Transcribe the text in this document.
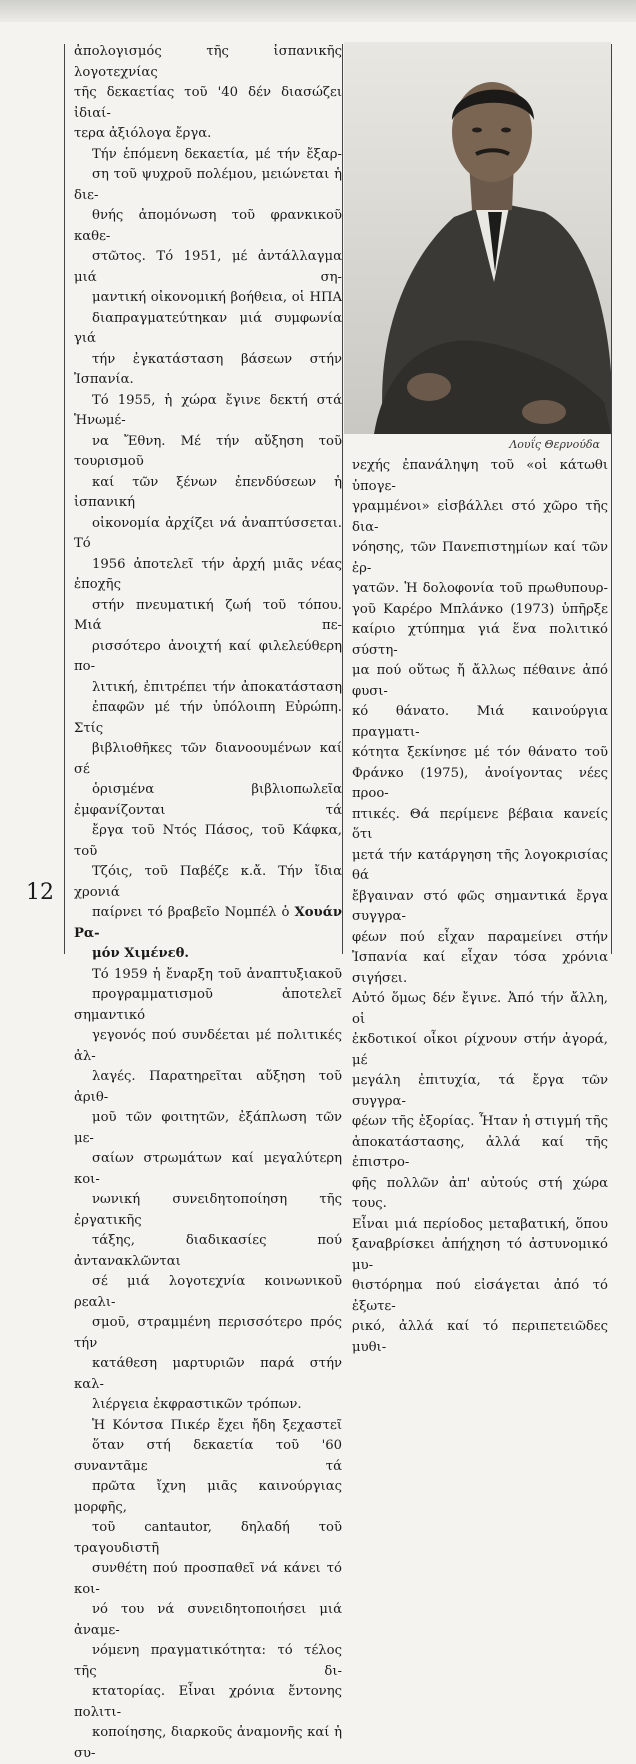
12

ἀπολογισμός τῆς ἰσπανικῆς λογοτεχνίας
τῆς δεκαετίας τοῦ '40 δέν διασώζει ἰδιαί-
τερα ἀξιόλογα ἔργα.

Τήν ἑπόμενη δεκαετία, μέ τήν ἔξαρ-
ση τοῦ ψυχροῦ πολέμου, μειώνεται ἡ διε-
θνής ἀπομόνωση τοῦ φρανκικοῦ καθε-
στῶτος. Τό 1951, μέ ἀντάλλαγμα μιά ση-
μαντική οἰκονομική βοήθεια, οἱ ΗΠΑ
διαπραγματεύτηκαν μιά συμφωνία γιά
τήν ἐγκατάσταση βάσεων στήν Ἰσπανία.
Τό 1955, ἡ χώρα ἔγινε δεκτή στά Ἡνωμέ-
να Ἔθνη. Μέ τήν αὔξηση τοῦ τουρισμοῦ
καί τῶν ξένων ἐπενδύσεων ἡ ἰσπανική
οἰκονομία ἀρχίζει νά ἀναπτύσσεται. Τό
1956 ἀποτελεῖ τήν ἀρχή μιᾶς νέας ἐποχῆς
στήν πνευματική ζωή τοῦ τόπου. Μιά πε-
ρισσότερο ἀνοιχτή καί φιλελεύθερη πο-
λιτική, ἐπιτρέπει τήν ἀποκατάσταση
ἐπαφῶν μέ τήν ὑπόλοιπη Εὐρώπη. Στίς
βιβλιοθῆκες τῶν διανοουμένων καί σέ
ὁρισμένα βιβλιοπωλεῖα ἐμφανίζονται τά
ἔργα τοῦ Ντός Πάσος, τοῦ Κάφκα, τοῦ
Τζόις, τοῦ Παβέζε κ.ἄ. Τήν ἴδια χρονιά
παίρνει τό βραβεῖο Νομπέλ ὁ Χουάν Ρα-
μόν Χιμένεθ.

Τό 1959 ἡ ἔναρξη τοῦ ἀναπτυξιακοῦ
προγραμματισμοῦ ἀποτελεῖ σημαντικό
γεγονός πού συνδέεται μέ πολιτικές ἀλ-
λαγές. Παρατηρεῖται αὔξηση τοῦ ἀριθ-
μοῦ τῶν φοιτητῶν, ἐξάπλωση τῶν με-
σαίων στρωμάτων καί μεγαλύτερη κοι-
νωνική συνειδητοποίηση τῆς ἐργατικῆς
τάξης, διαδικασίες πού ἀντανακλῶνται
σέ μιά λογοτεχνία κοινωνικοῦ ρεαλι-
σμοῦ, στραμμένη περισσότερο πρός τήν
κατάθεση μαρτυριῶν παρά στήν καλ-
λιέργεια ἐκφραστικῶν τρόπων.

Ἡ Κόντσα Πικέρ ἔχει ἤδη ξεχαστεῖ
ὅταν στή δεκαετία τοῦ '60 συναντᾶμε τά
πρῶτα ἴχνη μιᾶς καινούργιας μορφῆς,
τοῦ cantautor, δηλαδή τοῦ τραγουδιστῆ
συνθέτη πού προσπαθεῖ νά κάνει τό κοι-
νό του νά συνειδητοποιήσει μιά ἀναμε-
νόμενη πραγματικότητα: τό τέλος τῆς δι-
κτατορίας. Εἶναι χρόνια ἔντονης πολιτι-
κοποίησης, διαρκοῦς ἀναμονῆς καί ἡ συ-

Λουΐς Θερνούδα

νεχής ἐπανάληψη τοῦ «οἱ κάτωθι ὑπογε-
γραμμένοι» εἰσβάλλει στό χῶρο τῆς δια-
νόησης, τῶν Πανεπιστημίων καί τῶν ἐρ-
γατῶν. Ἡ δολοφονία τοῦ πρωθυπουρ-
γοῦ Καρέρο Μπλάνκο (1973) ὑπῆρξε
καίριο χτύπημα γιά ἕνα πολιτικό σύστη-
μα πού οὕτως ἤ ἄλλως πέθαινε ἀπό φυσι-
κό θάνατο. Μιά καινούργια πραγματι-
κότητα ξεκίνησε μέ τόν θάνατο τοῦ
Φράνκο (1975), ἀνοίγοντας νέες προο-
πτικές. Θά περίμενε βέβαια κανείς ὅτι
μετά τήν κατάργηση τῆς λογοκρισίας θά
ἔβγαιναν στό φῶς σημαντικά ἔργα συγγρα-
φέων πού εἶχαν παραμείνει στήν
Ἰσπανία καί εἶχαν τόσα χρόνια σιγήσει.
Αὐτό ὅμως δέν ἔγινε. Ἀπό τήν ἄλλη, οἱ
ἐκδοτικοί οἶκοι ρίχνουν στήν ἀγορά, μέ
μεγάλη ἐπιτυχία, τά ἔργα τῶν συγγρα-
φέων τῆς ἐξορίας. Ἦταν ἡ στιγμή τῆς
ἀποκατάστασης, ἀλλά καί τῆς ἐπιστρο-
φῆς πολλῶν ἀπ' αὐτούς στή χώρα τους.
Εἶναι μιά περίοδος μεταβατική, ὅπου
ξαναβρίσκει ἀπήχηση τό ἀστυνομικό μυ-
θιστόρημα πού εἰσάγεται ἀπό τό ἐξωτε-
ρικό, ἀλλά καί τό περιπετειῶδες μυθι-
